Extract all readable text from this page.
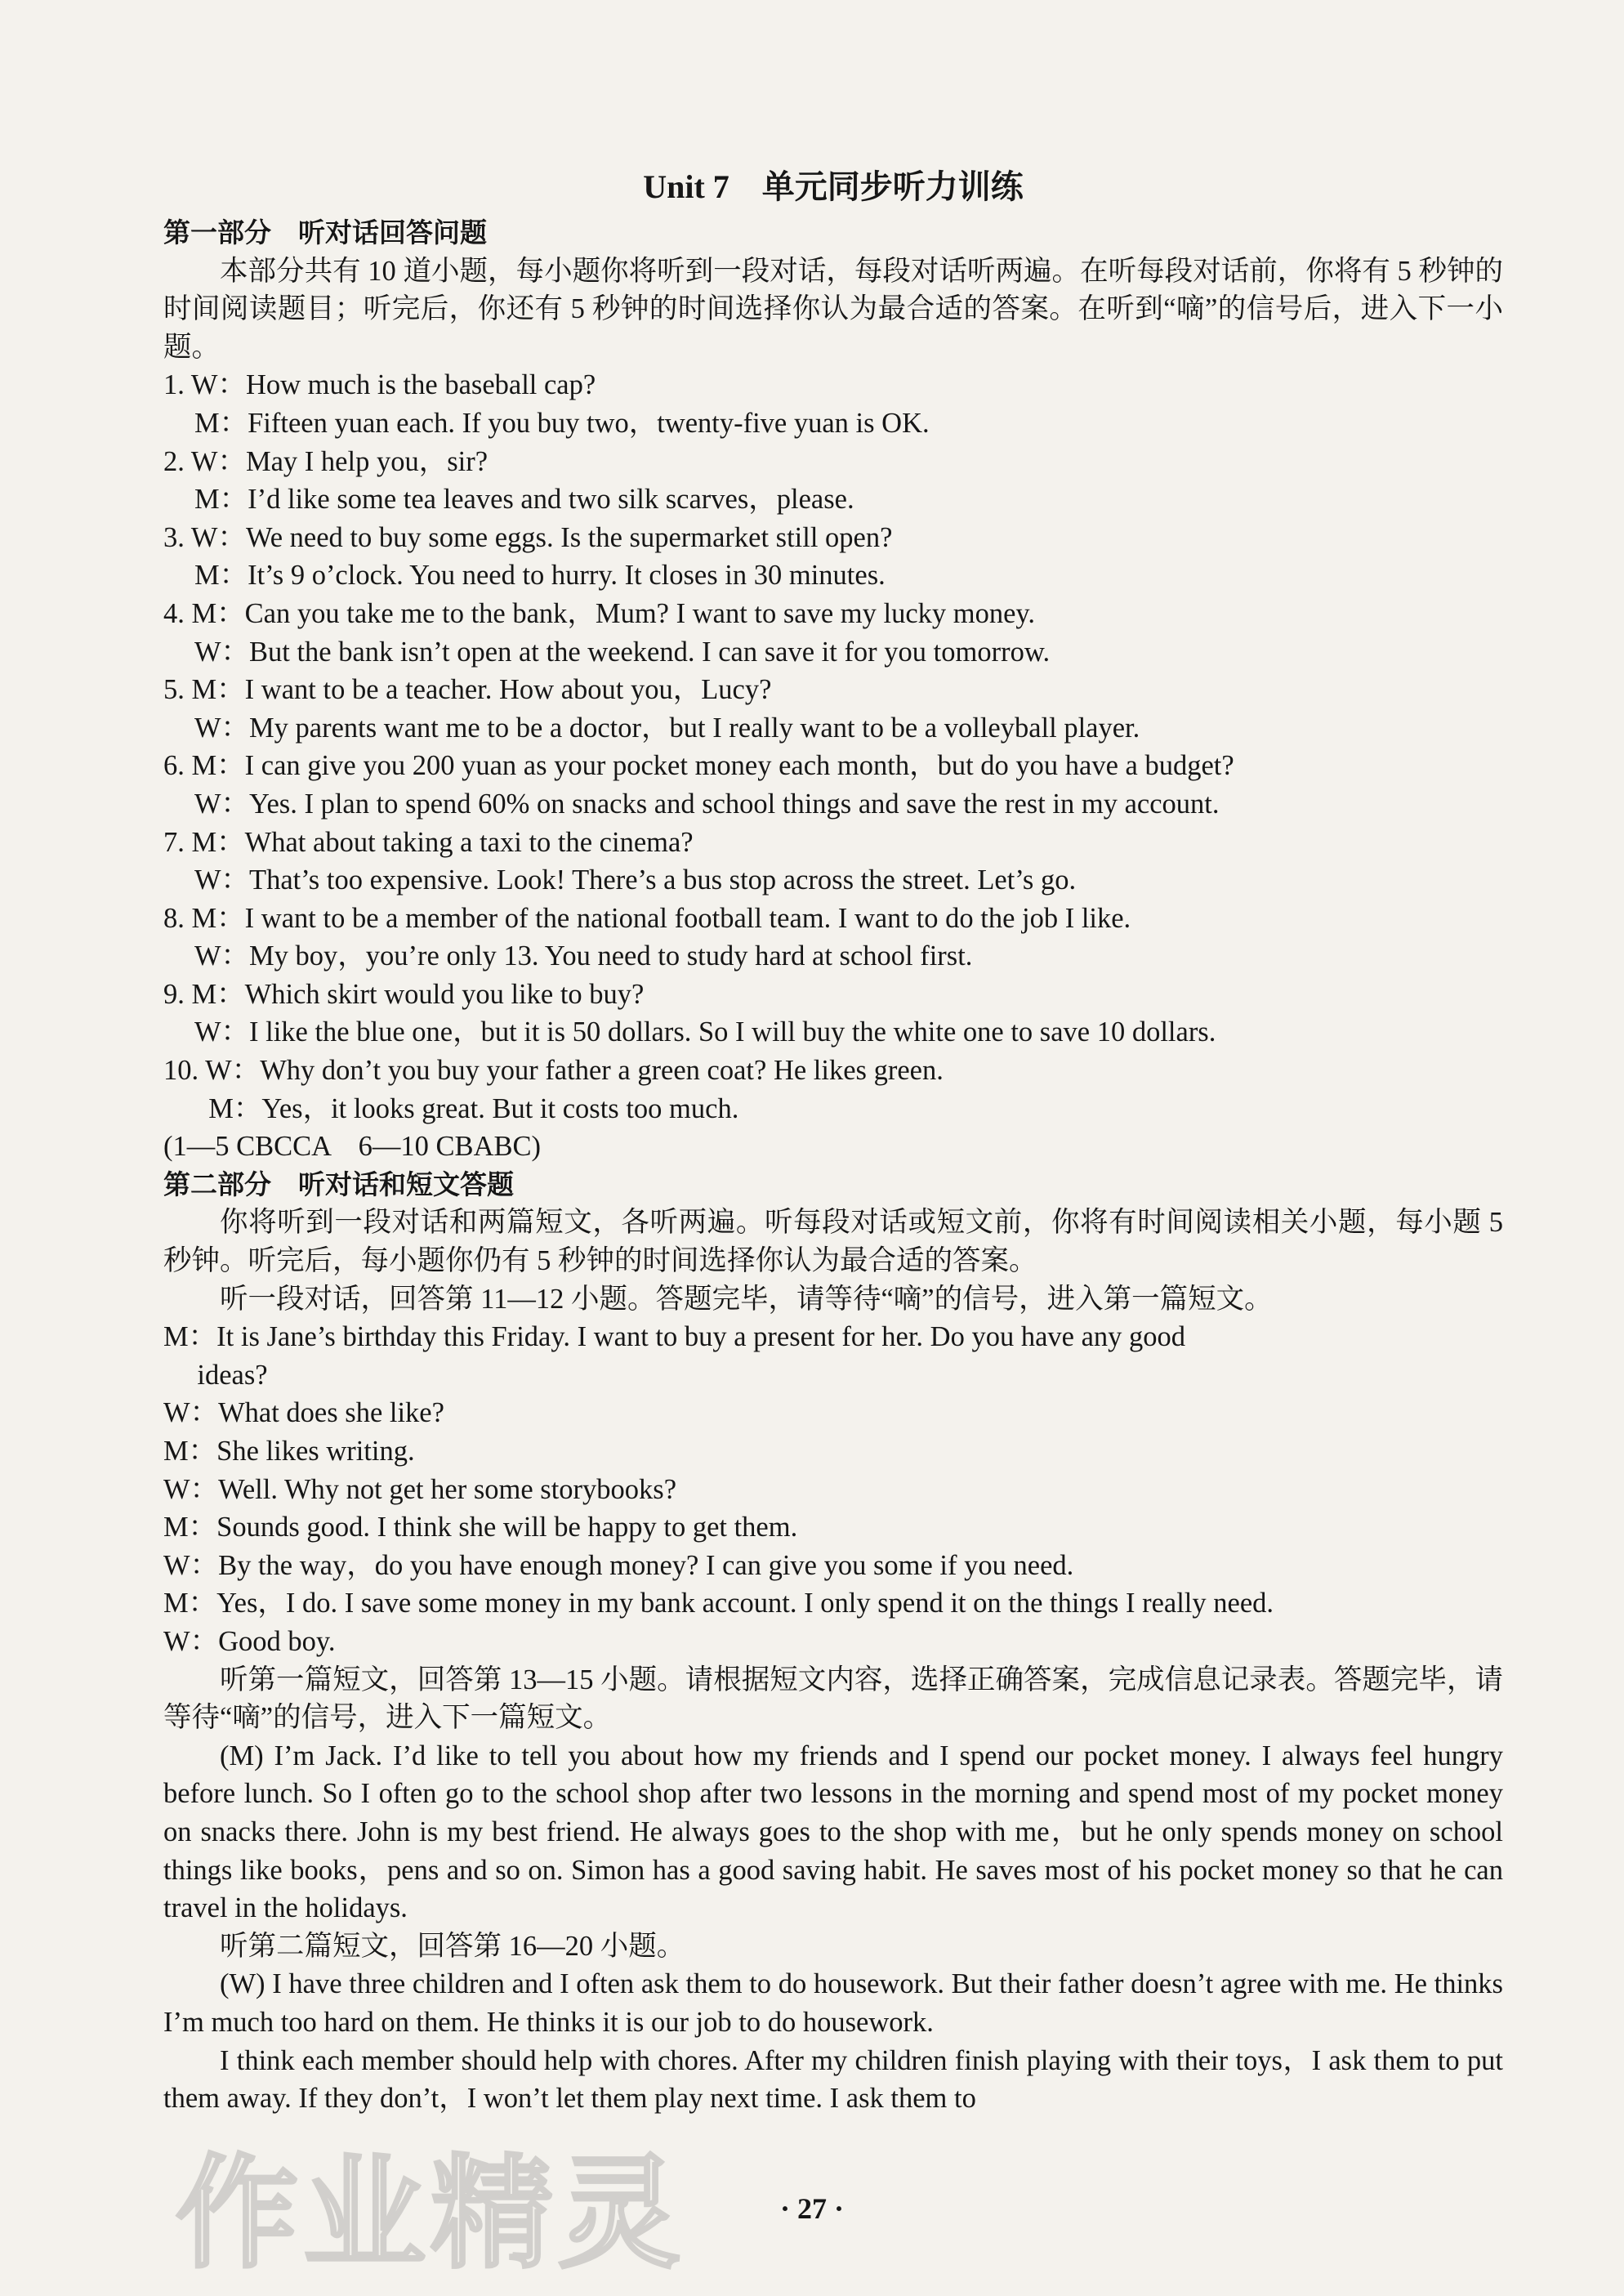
Unit 7　单元同步听力训练
第一部分　听对话回答问题
本部分共有 10 道小题，每小题你将听到一段对话，每段对话听两遍。在听每段对话前，你将有 5 秒钟的时间阅读题目；听完后，你还有 5 秒钟的时间选择你认为最合适的答案。在听到“嘀”的信号后，进入下一小题。
1. W：How much is the baseball cap?
M：Fifteen yuan each. If you buy two，twenty-five yuan is OK.
2. W：May I help you，sir?
M：I’d like some tea leaves and two silk scarves，please.
3. W：We need to buy some eggs. Is the supermarket still open?
M：It’s 9 o’clock. You need to hurry. It closes in 30 minutes.
4. M：Can you take me to the bank，Mum? I want to save my lucky money.
W：But the bank isn’t open at the weekend. I can save it for you tomorrow.
5. M：I want to be a teacher. How about you，Lucy?
W：My parents want me to be a doctor，but I really want to be a volleyball player.
6. M：I can give you 200 yuan as your pocket money each month，but do you have a budget?
W：Yes. I plan to spend 60% on snacks and school things and save the rest in my account.
7. M：What about taking a taxi to the cinema?
W：That’s too expensive. Look! There’s a bus stop across the street. Let’s go.
8. M：I want to be a member of the national football team. I want to do the job I like.
W：My boy，you’re only 13. You need to study hard at school first.
9. M：Which skirt would you like to buy?
W：I like the blue one，but it is 50 dollars. So I will buy the white one to save 10 dollars.
10. W：Why don’t you buy your father a green coat? He likes green.
M：Yes，it looks great. But it costs too much.
(1—5 CBCCA　6—10 CBABC)
第二部分　听对话和短文答题
你将听到一段对话和两篇短文，各听两遍。听每段对话或短文前，你将有时间阅读相关小题，每小题 5 秒钟。听完后，每小题你仍有 5 秒钟的时间选择你认为最合适的答案。
听一段对话，回答第 11—12 小题。答题完毕，请等待“嘀”的信号，进入第一篇短文。
M：It is Jane’s birthday this Friday. I want to buy a present for her. Do you have any good
ideas?
W：What does she like?
M：She likes writing.
W：Well. Why not get her some storybooks?
M：Sounds good. I think she will be happy to get them.
W：By the way，do you have enough money? I can give you some if you need.
M：Yes，I do. I save some money in my bank account. I only spend it on the things I really need.
W：Good boy.
听第一篇短文，回答第 13—15 小题。请根据短文内容，选择正确答案，完成信息记录表。答题完毕，请等待“嘀”的信号，进入下一篇短文。
(M) I’m Jack. I’d like to tell you about how my friends and I spend our pocket money. I always feel hungry before lunch. So I often go to the school shop after two lessons in the morning and spend most of my pocket money on snacks there. John is my best friend. He always goes to the shop with me，but he only spends money on school things like books，pens and so on. Simon has a good saving habit. He saves most of his pocket money so that he can travel in the holidays.
听第二篇短文，回答第 16—20 小题。
(W) I have three children and I often ask them to do housework. But their father doesn’t agree with me. He thinks I’m much too hard on them. He thinks it is our job to do housework.
I think each member should help with chores. After my children finish playing with their toys，I ask them to put them away. If they don’t，I won’t let them play next time. I ask them to
· 27 ·
作业精灵
